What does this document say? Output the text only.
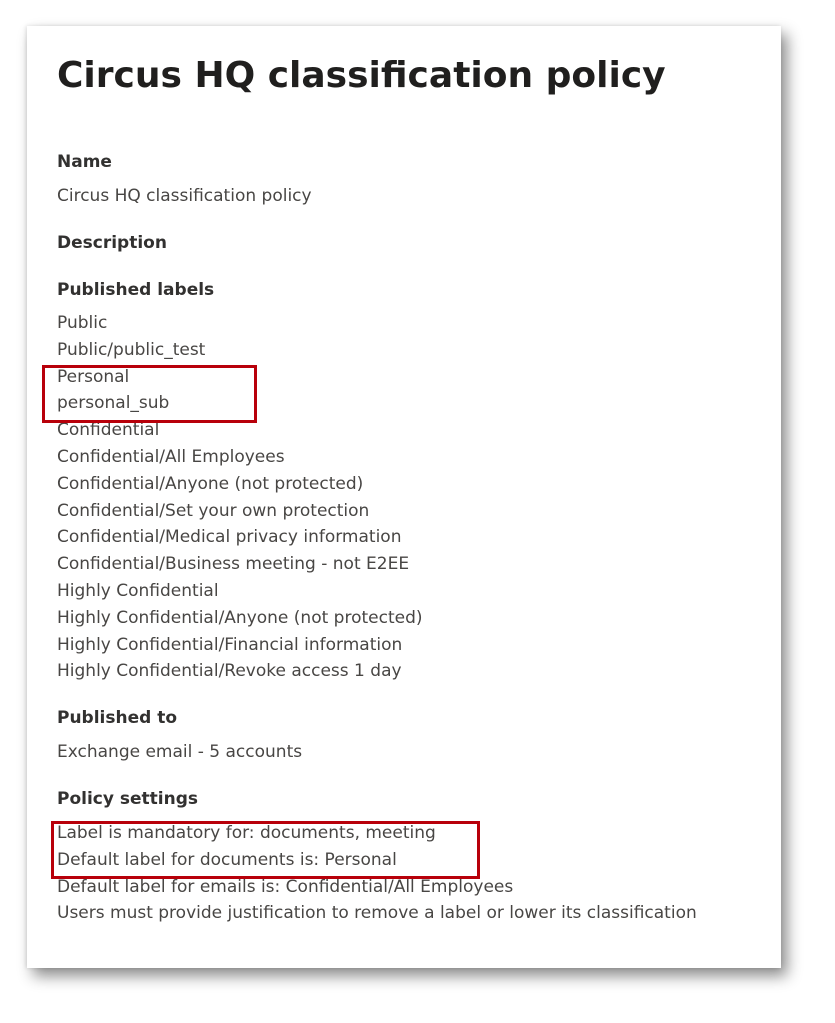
Circus HQ classification policy
Name
Circus HQ classification policy
Description
Published labels
Public
Public/public_test
Personal
personal_sub
Confidential
Confidential/All Employees
Confidential/Anyone (not protected)
Confidential/Set your own protection
Confidential/Medical privacy information
Confidential/Business meeting - not E2EE
Highly Confidential
Highly Confidential/Anyone (not protected)
Highly Confidential/Financial information
Highly Confidential/Revoke access 1 day
Published to
Exchange email - 5 accounts
Policy settings
Label is mandatory for: documents, meeting
Default label for documents is: Personal
Default label for emails is: Confidential/All Employees
Users must provide justification to remove a label or lower its classification
